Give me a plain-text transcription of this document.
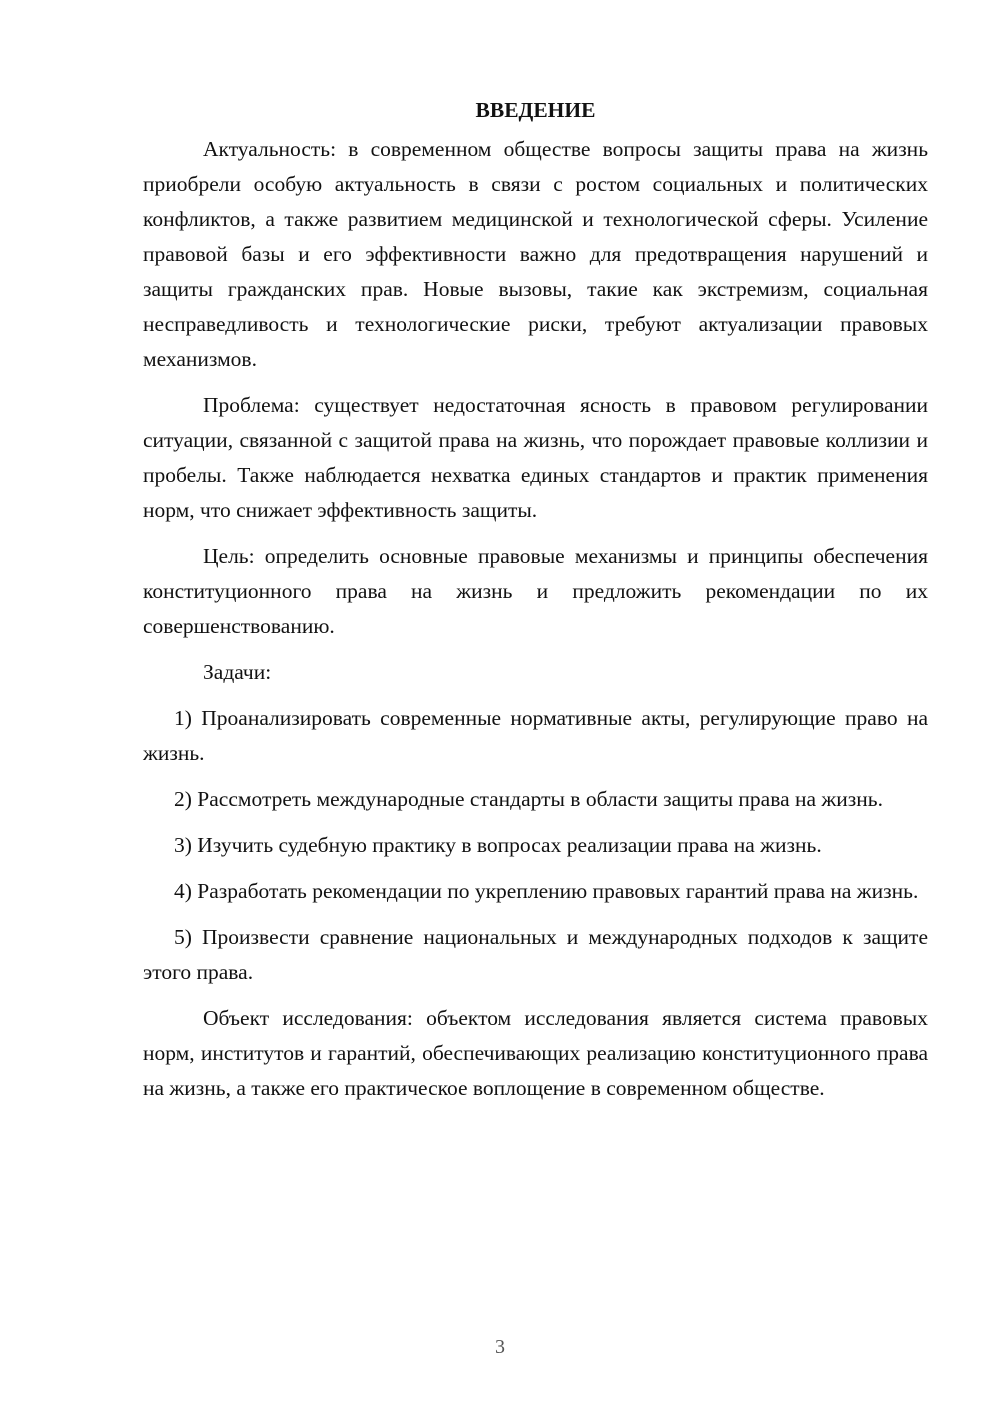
ВВЕДЕНИЕ

Актуальность: в современном обществе вопросы защиты права на жизнь приобрели особую актуальность в связи с ростом социальных и политических конфликтов, а также развитием медицинской и технологической сферы. Усиление правовой базы и его эффективности важно для предотвращения нарушений и защиты гражданских прав. Новые вызовы, такие как экстремизм, социальная несправедливость и технологические риски, требуют актуализации правовых механизмов.

Проблема: существует недостаточная ясность в правовом регулировании ситуации, связанной с защитой права на жизнь, что порождает правовые коллизии и пробелы. Также наблюдается нехватка единых стандартов и практик применения норм, что снижает эффективность защиты.

Цель: определить основные правовые механизмы и принципы обеспечения конституционного права на жизнь и предложить рекомендации по их совершенствованию.

Задачи:

1) Проанализировать современные нормативные акты, регулирующие право на жизнь.

2) Рассмотреть международные стандарты в области защиты права на жизнь.

3) Изучить судебную практику в вопросах реализации права на жизнь.

4) Разработать рекомендации по укреплению правовых гарантий права на жизнь.

5) Произвести сравнение национальных и международных подходов к защите этого права.

Объект исследования: объектом исследования является система правовых норм, институтов и гарантий, обеспечивающих реализацию конституционного права на жизнь, а также его практическое воплощение в современном обществе.

3
